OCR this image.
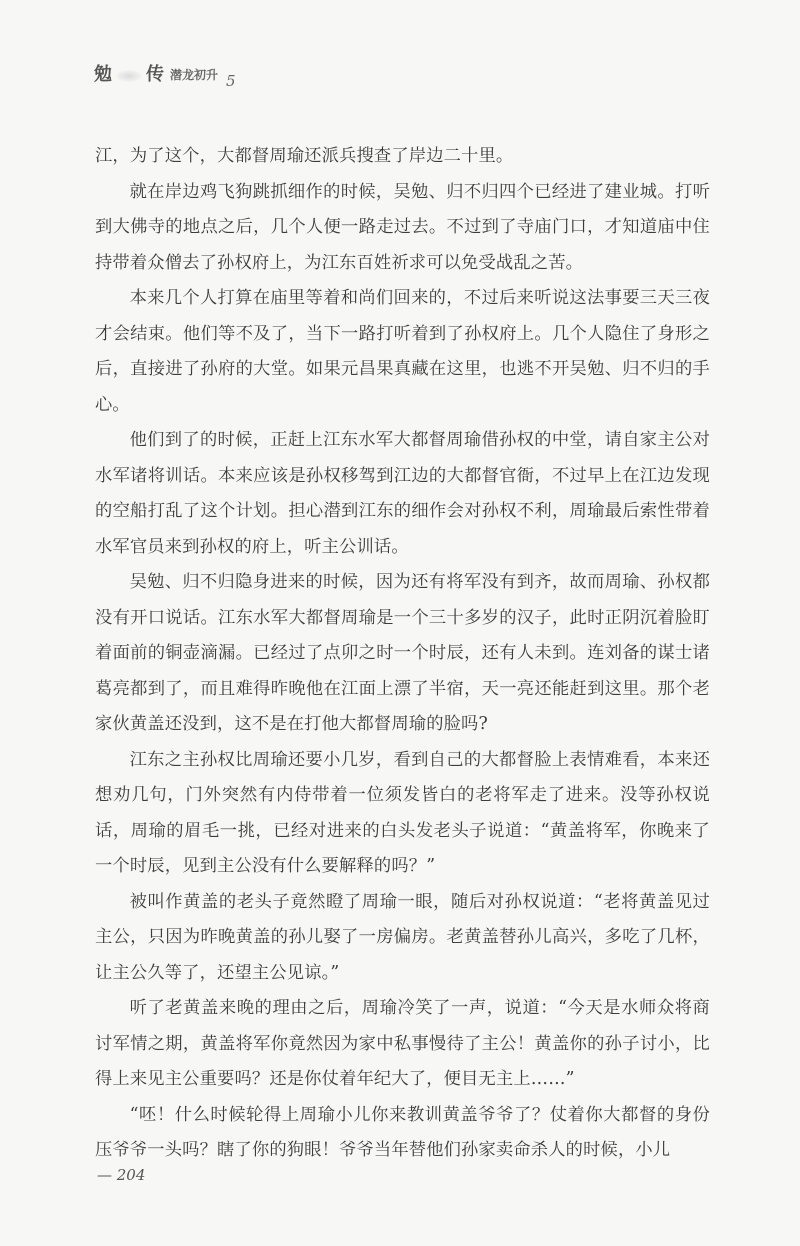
勉 传 潜龙初升 5

江，为了这个，大都督周瑜还派兵搜查了岸边二十里。

就在岸边鸡飞狗跳抓细作的时候，吴勉、归不归四个已经进了建业城。打听到大佛寺的地点之后，几个人便一路走过去。不过到了寺庙门口，才知道庙中住持带着众僧去了孙权府上，为江东百姓祈求可以免受战乱之苦。

本来几个人打算在庙里等着和尚们回来的，不过后来听说这法事要三天三夜才会结束。他们等不及了，当下一路打听着到了孙权府上。几个人隐住了身形之后，直接进了孙府的大堂。如果元昌果真藏在这里，也逃不开吴勉、归不归的手心。

他们到了的时候，正赶上江东水军大都督周瑜借孙权的中堂，请自家主公对水军诸将训话。本来应该是孙权移驾到江边的大都督官衙，不过早上在江边发现的空船打乱了这个计划。担心潜到江东的细作会对孙权不利，周瑜最后索性带着水军官员来到孙权的府上，听主公训话。

吴勉、归不归隐身进来的时候，因为还有将军没有到齐，故而周瑜、孙权都没有开口说话。江东水军大都督周瑜是一个三十多岁的汉子，此时正阴沉着脸盯着面前的铜壶滴漏。已经过了点卯之时一个时辰，还有人未到。连刘备的谋士诸葛亮都到了，而且难得昨晚他在江面上漂了半宿，天一亮还能赶到这里。那个老家伙黄盖还没到，这不是在打他大都督周瑜的脸吗?

江东之主孙权比周瑜还要小几岁，看到自己的大都督脸上表情难看，本来还想劝几句，门外突然有内侍带着一位须发皆白的老将军走了进来。没等孙权说话，周瑜的眉毛一挑，已经对进来的白头发老头子说道：“黄盖将军，你晚来了一个时辰，见到主公没有什么要解释的吗？”

被叫作黄盖的老头子竟然瞪了周瑜一眼，随后对孙权说道：“老将黄盖见过主公，只因为昨晚黄盖的孙儿娶了一房偏房。老黄盖替孙儿高兴，多吃了几杯，让主公久等了，还望主公见谅。”

听了老黄盖来晚的理由之后，周瑜冷笑了一声，说道：“今天是水师众将商讨军情之期，黄盖将军你竟然因为家中私事慢待了主公！黄盖你的孙子讨小，比得上来见主公重要吗？还是你仗着年纪大了，便目无主上……”

“呸！什么时候轮得上周瑜小儿你来教训黄盖爷爷了？仗着你大都督的身份压爷爷一头吗？瞎了你的狗眼！爷爷当年替他们孙家卖命杀人的时候，小儿

— 204
